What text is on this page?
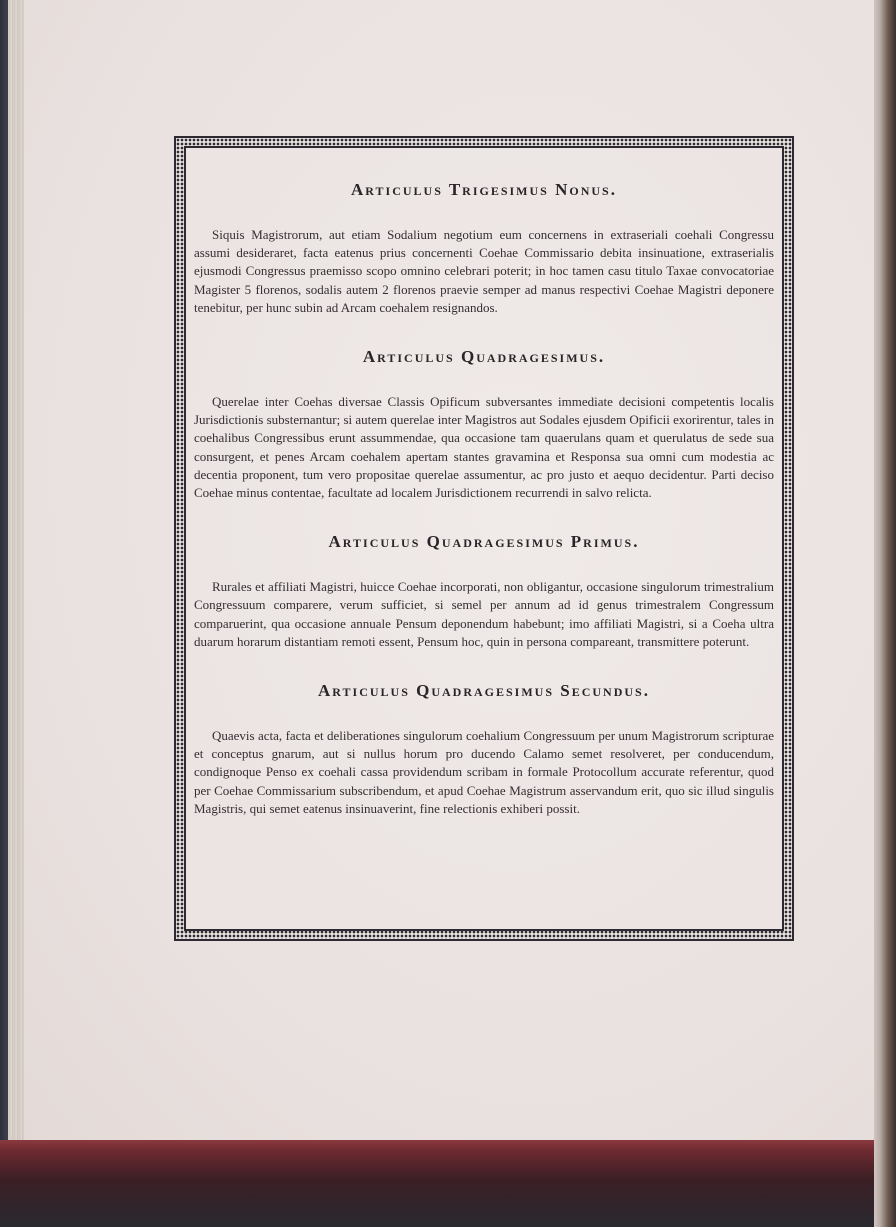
Articulus Trigesimus Nonus.

Siquis Magistrorum, aut etiam Sodalium negotium eum concernens in extraseriali coehali Congressu assumi desideraret, facta eatenus prius concernenti Coehae Commissario debita insinuatione, extraserialis ejusmodi Congressus praemisso scopo omnino celebrari poterit; in hoc tamen casu titulo Taxae convocatoriae Magister 5 florenos, sodalis autem 2 florenos praevie semper ad manus respectivi Coehae Magistri deponere tenebitur, per hunc subin ad Arcam coehalem resignandos.

Articulus Quadragesimus.

Querelae inter Coehas diversae Classis Opificum subversantes immediate decisioni competentis localis Jurisdictionis substernantur; si autem querelae inter Magistros aut Sodales ejusdem Opificii exorirentur, tales in coehalibus Congressibus erunt assummendae, qua occasione tam quaerulans quam et querulatus de sede sua consurgent, et penes Arcam coehalem apertam stantes gravamina et Responsa sua omni cum modestia ac decentia proponent, tum vero propositae querelae assumentur, ac pro justo et aequo decidentur. Parti deciso Coehae minus contentae, facultate ad localem Jurisdictionem recurrendi in salvo relicta.

Articulus Quadragesimus Primus.

Rurales et affiliati Magistri, huicce Coehae incorporati, non obligantur, occasione singulorum trimestralium Congressuum comparere, verum sufficiet, si semel per annum ad id genus trimestralem Congressum comparuerint, qua occasione annuale Pensum deponendum habebunt; imo affiliati Magistri, si a Coeha ultra duarum horarum distantiam remoti essent, Pensum hoc, quin in persona compareant, transmittere poterunt.

Articulus Quadragesimus Secundus.

Quaevis acta, facta et deliberationes singulorum coehalium Congressuum per unum Magistrorum scripturae et conceptus gnarum, aut si nullus horum pro ducendo Calamo semet resolveret, per conducendum, condignoque Penso ex coehali cassa providendum scribam in formale Protocollum accurate referentur, quod per Coehae Commissarium subscribendum, et apud Coehae Magistrum asservandum erit, quo sic illud singulis Magistris, qui semet eatenus insinuaverint, fine relectionis exhiberi possit.
